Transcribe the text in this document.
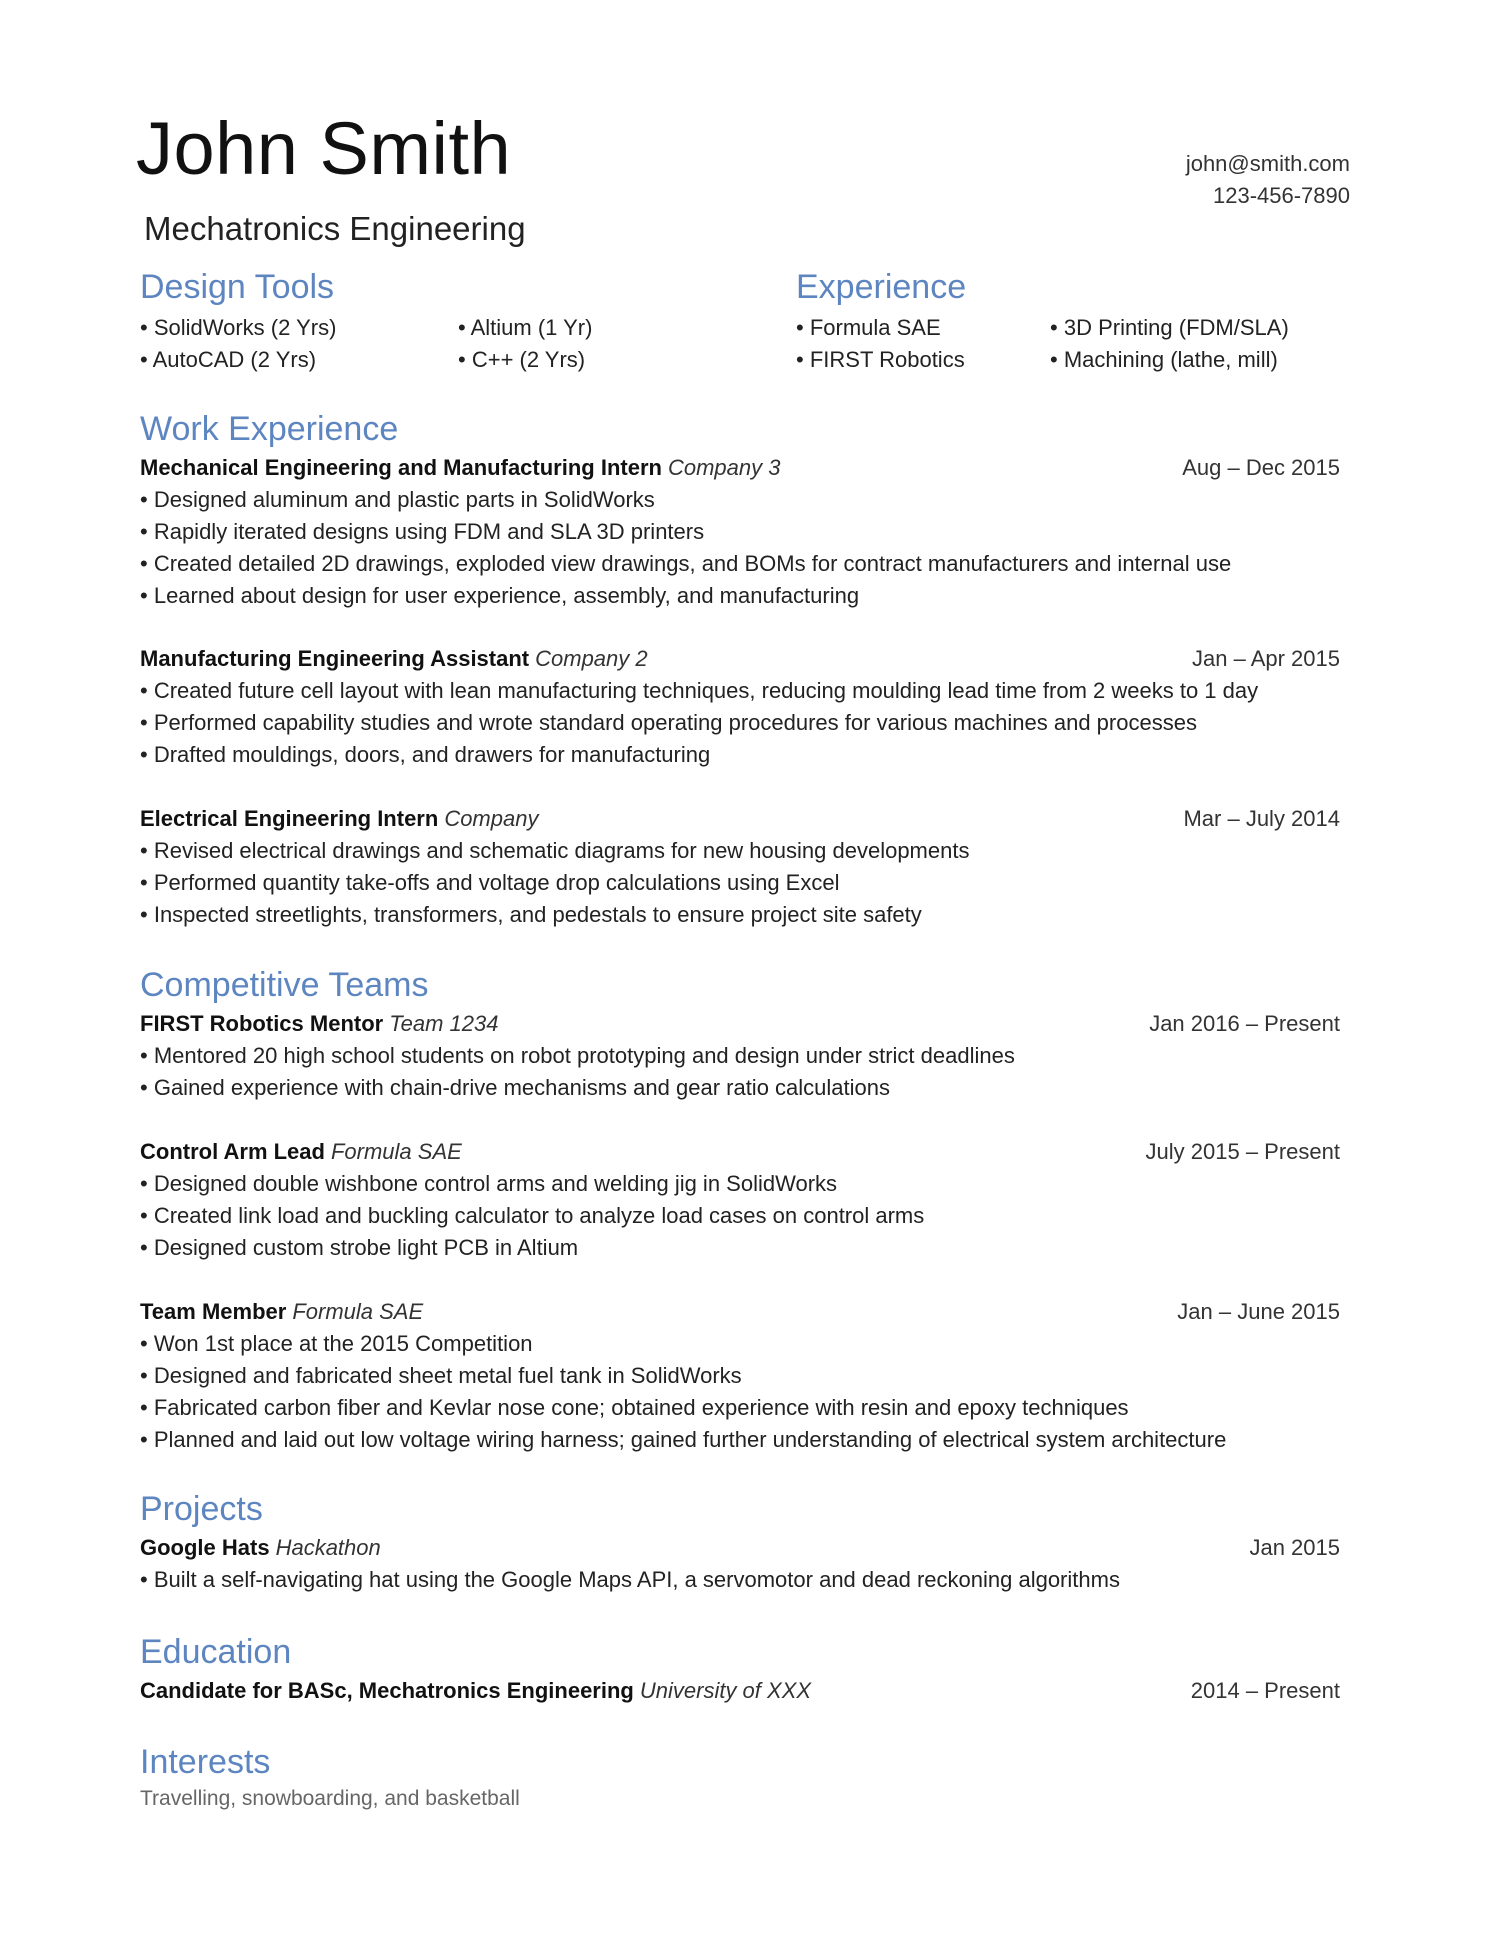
John Smith
Mechatronics Engineering
john@smith.com
123-456-7890
Design Tools
• SolidWorks (2 Yrs)
• AutoCAD (2 Yrs)
• Altium (1 Yr)
• C++ (2 Yrs)
Experience
• Formula SAE
• FIRST Robotics
• 3D Printing (FDM/SLA)
• Machining (lathe, mill)
Work Experience
Mechanical Engineering and Manufacturing Intern Company 3	Aug – Dec 2015
• Designed aluminum and plastic parts in SolidWorks
• Rapidly iterated designs using FDM and SLA 3D printers
• Created detailed 2D drawings, exploded view drawings, and BOMs for contract manufacturers and internal use
• Learned about design for user experience, assembly, and manufacturing
Manufacturing Engineering Assistant Company 2	Jan – Apr 2015
• Created future cell layout with lean manufacturing techniques, reducing moulding lead time from 2 weeks to 1 day
• Performed capability studies and wrote standard operating procedures for various machines and processes
• Drafted mouldings, doors, and drawers for manufacturing
Electrical Engineering Intern Company	Mar – July 2014
• Revised electrical drawings and schematic diagrams for new housing developments
• Performed quantity take-offs and voltage drop calculations using Excel
• Inspected streetlights, transformers, and pedestals to ensure project site safety
Competitive Teams
FIRST Robotics Mentor Team 1234	Jan 2016 – Present
• Mentored 20 high school students on robot prototyping and design under strict deadlines
• Gained experience with chain-drive mechanisms and gear ratio calculations
Control Arm Lead Formula SAE	July 2015 – Present
• Designed double wishbone control arms and welding jig in SolidWorks
• Created link load and buckling calculator to analyze load cases on control arms
• Designed custom strobe light PCB in Altium
Team Member Formula SAE	Jan – June 2015
• Won 1st place at the 2015 Competition
• Designed and fabricated sheet metal fuel tank in SolidWorks
• Fabricated carbon fiber and Kevlar nose cone; obtained experience with resin and epoxy techniques
• Planned and laid out low voltage wiring harness; gained further understanding of electrical system architecture
Projects
Google Hats Hackathon	Jan 2015
• Built a self-navigating hat using the Google Maps API, a servomotor and dead reckoning algorithms
Education
Candidate for BASc, Mechatronics Engineering University of XXX	2014 – Present
Interests
Travelling, snowboarding, and basketball
